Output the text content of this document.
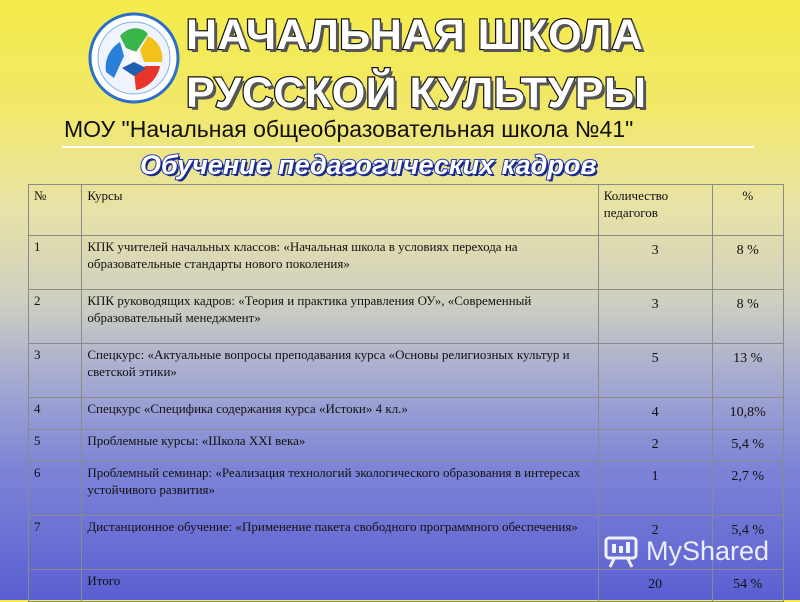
НАЧАЛЬНАЯ ШКОЛА
РУССКОЙ КУЛЬТУРЫ
МОУ "Начальная общеобразовательная школа №41"
Обучение педагогических кадров
№	Курсы	Количество педагогов	%
1	КПК учителей начальных классов: «Начальная школа в условиях перехода на образовательные стандарты нового поколения»	3	8 %
2	КПК руководящих кадров: «Теория и практика управления ОУ», «Современный образовательный менеджмент»	3	8 %
3	Спецкурс: «Актуальные вопросы преподавания курса «Основы религиозных культур и светской этики»	5	13 %
4	Спецкурс «Специфика содержания курса «Истоки» 4 кл.»	4	10,8%
5	Проблемные курсы: «Школа XXI века»	2	5,4 %
6	Проблемный семинар: «Реализация технологий экологического образования в интересах устойчивого развития»	1	2,7 %
7	Дистанционное обучение: «Применение пакета свободного программного обеспечения»	2	5,4 %
	Итого	20	54 %
MyShared
